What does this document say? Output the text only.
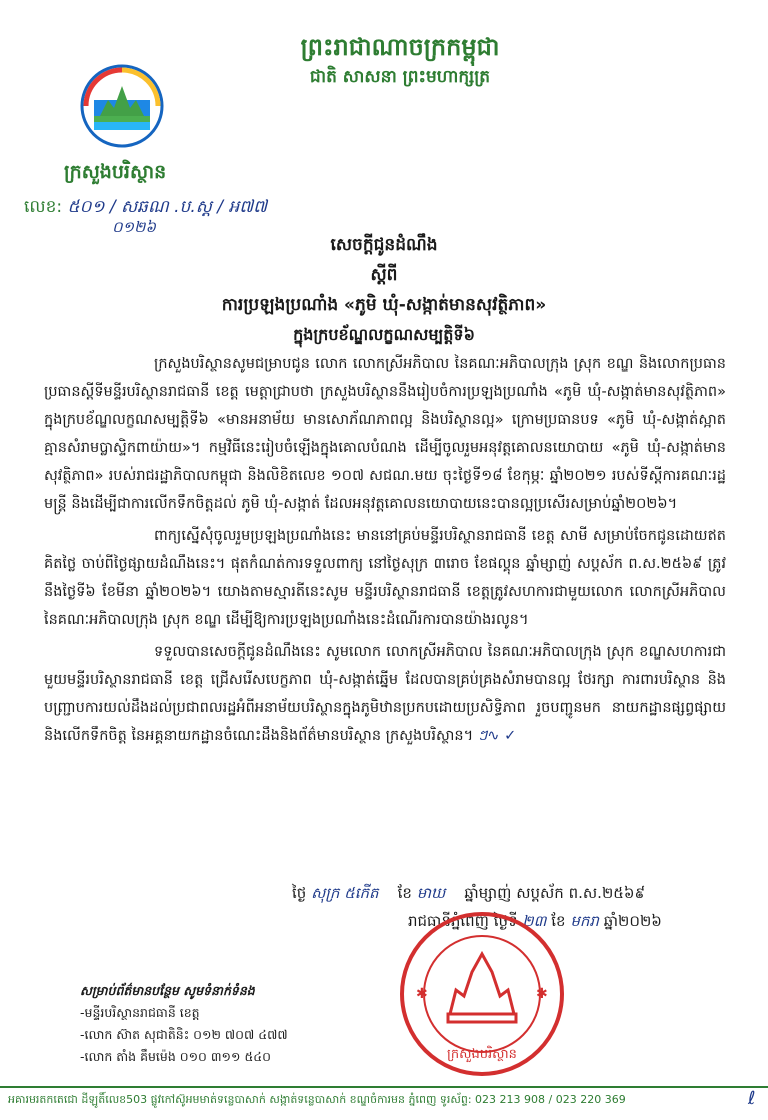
ព្រះរាជាណាចក្រកម្ពុជា
ជាតិ សាសនា ព្រះមហាក្សត្រ
ក្រសួងបរិស្ថាន
លេខ: ៥០១ / សឆណ .ប.ស្ត / អ៧៧
០១២៦
សេចក្តីជូនដំណឹង
ស្តីពី
ការប្រឡងប្រណាំង «ភូមិ ឃុំ-សង្កាត់មានសុវត្ថិភាព»
ក្នុងក្របខ័ណ្ឌលក្ខណសម្បត្តិទី៦

ក្រសួងបរិស្ថានសូមជម្រាបជូន លោក លោកស្រីអភិបាល នៃគណៈអភិបាលក្រុង ស្រុក ខណ្ឌ និងលោកប្រធាន ប្រធានស្តីទីមន្ទីរបរិស្ថានរាជធានី ខេត្ត មេត្តាជ្រាបថា ក្រសួងបរិស្ថាននឹងរៀបចំការប្រឡងប្រណាំង «ភូមិ ឃុំ-សង្កាត់មានសុវត្ថិភាព» ក្នុងក្របខ័ណ្ឌលក្ខណសម្បត្តិទី៦ «មានអនាម័យ មានសោភ័ណភាពល្អ និងបរិស្ថានល្អ» ក្រោមប្រធានបទ «ភូមិ ឃុំ-សង្កាត់ស្អាតគ្មានសំរាមប្លាស្ទិកពាយ៉ាយ»។ កម្មវិធីនេះរៀបចំឡើងក្នុងគោលបំណង ដើម្បីចូលរួមអនុវត្តគោលនយោបាយ «ភូមិ ឃុំ-សង្កាត់មានសុវត្ថិភាព» របស់រាជរដ្ឋាភិបាលកម្ពុជា និងលិខិតលេខ ១០៧ សជណ.មយ ចុះថ្ងៃទី១៨ ខែកុម្ភៈ ឆ្នាំ២០២១ របស់ទីស្តីការគណៈរដ្ឋមន្ត្រី និងដើម្បីជាការលើកទឹកចិត្តដល់ ភូមិ ឃុំ-សង្កាត់ ដែលអនុវត្តគោលនយោបាយនេះបានល្អប្រសើរសម្រាប់ឆ្នាំ២០២៦។

ពាក្យស្នើសុំចូលរួមប្រឡងប្រណាំងនេះ មាននៅគ្រប់មន្ទីរបរិស្ថានរាជធានី ខេត្ត សាមី សម្រាប់ចែកជូនដោយឥតគិតថ្លៃ ចាប់ពីថ្ងៃផ្សាយដំណឹងនេះ។ ផុតកំណត់ការទទួលពាក្យ នៅថ្ងៃសុក្រ ៣រោច ខែផល្គុន ឆ្នាំម្សាញ់ សប្តស័ក ព.ស.២៥៦៩ ត្រូវនឹងថ្ងៃទី៦ ខែមីនា ឆ្នាំ២០២៦។ យោងតាមស្មារតីនេះសូម មន្ទីរបរិស្ថានរាជធានី ខេត្តត្រូវសហការជាមួយលោក លោកស្រីអភិបាល នៃគណៈអភិបាលក្រុង ស្រុក ខណ្ឌ ដើម្បីឱ្យការប្រឡងប្រណាំងនេះដំណើរការបានយ៉ាងរលូន។

ទទួលបានសេចក្តីជូនដំណឹងនេះ សូមលោក លោកស្រីអភិបាល នៃគណៈអភិបាលក្រុង ស្រុក ខណ្ឌសហការជាមួយមន្ទីរបរិស្ថានរាជធានី ខេត្ត ជ្រើសរើសបេក្ខភាព ឃុំ-សង្កាត់ឆ្នើម ដែលបានគ្រប់គ្រងសំរាមបានល្អ ថែរក្សា ការពារបរិស្ថាន និងបញ្ជ្រាបការយល់ដឹងដល់ប្រជាពលរដ្ឋអំពីអនាម័យបរិស្ថានក្នុងភូមិឋានប្រកបដោយប្រសិទ្ធិភាព រួចបញ្ជូនមក នាយកដ្ឋានផ្សព្វផ្សាយនិងលើកទឹកចិត្ត នៃអគ្គនាយកដ្ឋានចំណេះដឹងនិងព័ត៌មានបរិស្ថាន ក្រសួងបរិស្ថាន។ ៗ∿ ✓

ថ្ងៃ សុក្រ ៥កើត ខែ មាឃ ឆ្នាំម្សាញ់ សប្តស័ក ព.ស.២៥៦៩
រាជធានីភ្នំពេញ ថ្ងៃទី ២៣ ខែ មករា ឆ្នាំ២០២៦
✱	✱
ក្រសួងបរិស្ថាន
សម្រាប់ព័ត៌មានបន្ថែម សូមទំនាក់ទំនង
-មន្ទីរបរិស្ថានរាជធានី ខេត្ត
-លោក ស៊ាត សុជាតិនិះ ០១២ ៧០៧ ៤៧៧
-លោក តាំង គឹមម៉េង ០១០ ៣១១ ៥៤០
អគារមរតកតេជោ ដីឡូតិ៍លេខ503 ផ្លូវកៅស៊ូអមមាត់ទន្លេបាសាក់ សង្កាត់ទន្លេបាសាក់ ខណ្ឌចំការមន ភ្នំពេញ ទូរស័ព្ទ: 023 213 908 / 023 220 369	ℓ
